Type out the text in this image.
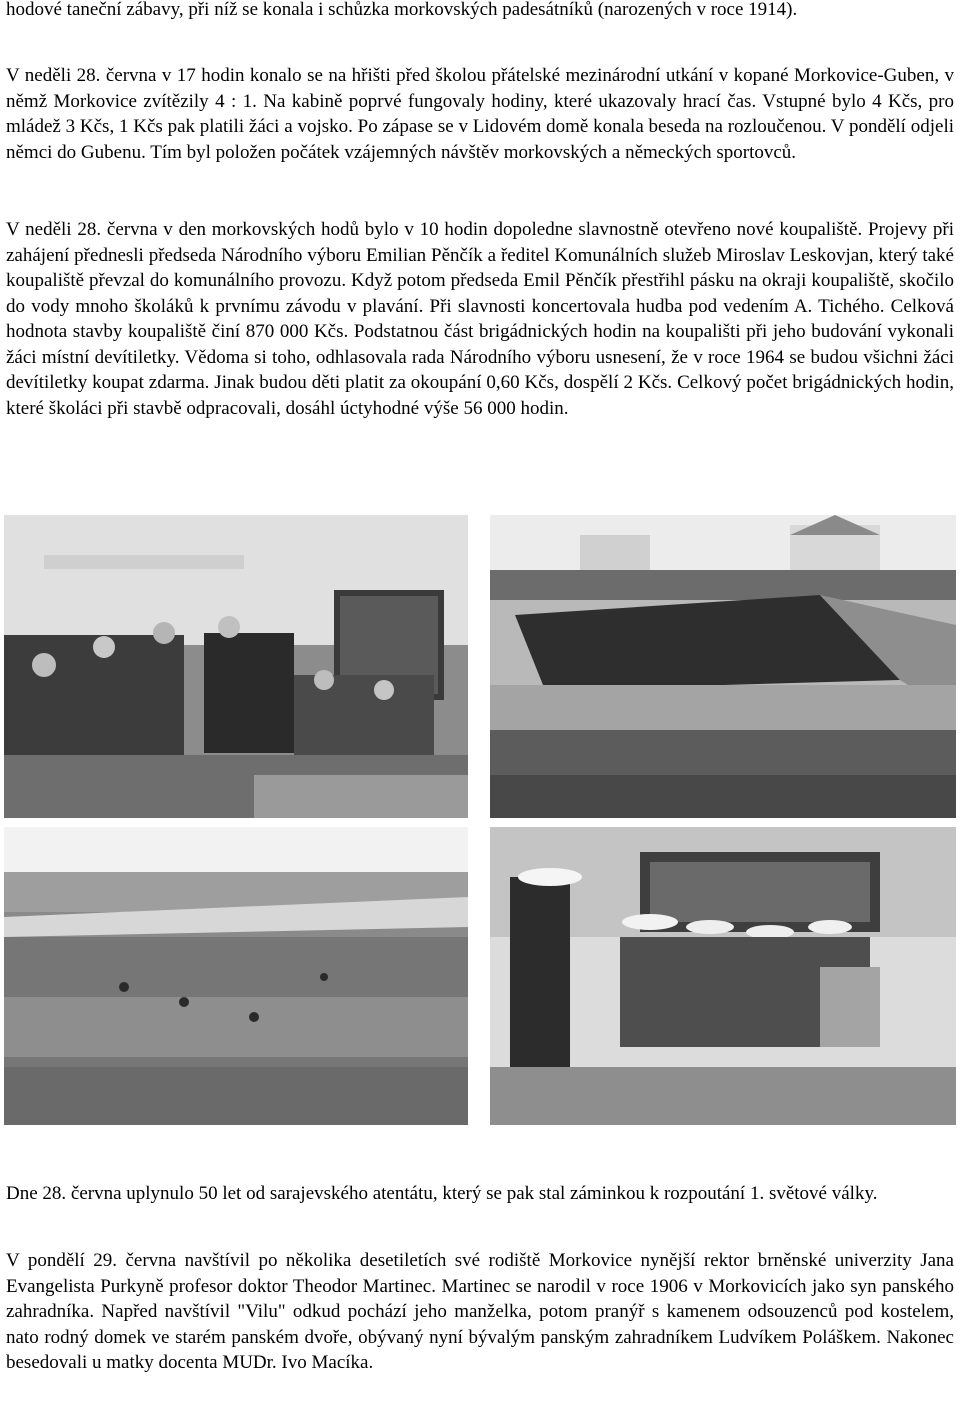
hodové taneční zábavy, při níž se konala i schůzka morkovských padesátníků (narozených v roce 1914).

V neděli 28. června v 17 hodin konalo se na hřišti před školou přátelské mezinárodní utkání v kopané Morkovice-Guben, v němž Morkovice zvítězily 4 : 1. Na kabině poprvé fungovaly hodiny, které ukazovaly hrací čas. Vstupné bylo 4 Kčs, pro mládež 3 Kčs, 1 Kčs pak platili žáci a vojsko. Po zápase se v Lidovém domě konala beseda na rozloučenou. V pondělí odjeli němci do Gubenu. Tím byl položen počátek vzájemných návštěv morkovských a německých sportovců.

V neděli 28. června v den morkovských hodů bylo v 10 hodin dopoledne slavnostně otevřeno nové koupaliště. Projevy při zahájení přednesli předseda Národního výboru Emilian Pěnčík a ředitel Komunálních služeb Miroslav Leskovjan, který také koupaliště převzal do komunálního provozu. Když potom předseda Emil Pěnčík přestřihl pásku na okraji koupaliště, skočilo do vody mnoho školáků k prvnímu závodu v plavání. Při slavnosti koncertovala hudba pod vedením A. Tichého. Celková hodnota stavby koupaliště činí 870 000 Kčs. Podstatnou část brigádnických hodin na koupališti při jeho budování vykonali žáci místní devítiletky. Vědoma si toho, odhlasovala rada Národního výboru usnesení, že v roce 1964 se budou všichni žáci devítiletky koupat zdarma. Jinak budou děti platit za okoupání 0,60 Kčs, dospělí 2 Kčs. Celkový počet brigádnických hodin, které školáci při stavbě odpracovali, dosáhl úctyhodné výše 56 000 hodin.

Dne 28. června uplynulo 50 let od sarajevského atentátu, který se pak stal záminkou k rozpoutání 1. světové války.

V pondělí 29. června navštívil po několika desetiletích své rodiště Morkovice nynější rektor brněnské univerzity Jana Evangelista Purkyně profesor doktor Theodor Martinec. Martinec se narodil v roce 1906 v Morkovicích jako syn panského zahradníka. Napřed navštívil "Vilu" odkud pochází jeho manželka, potom pranýř s kamenem odsouzenců pod kostelem, nato rodný domek ve starém panském dvoře, obývaný nyní bývalým panským zahradníkem Ludvíkem Poláškem. Nakonec besedovali u matky docenta MUDr. Ivo Macíka.
